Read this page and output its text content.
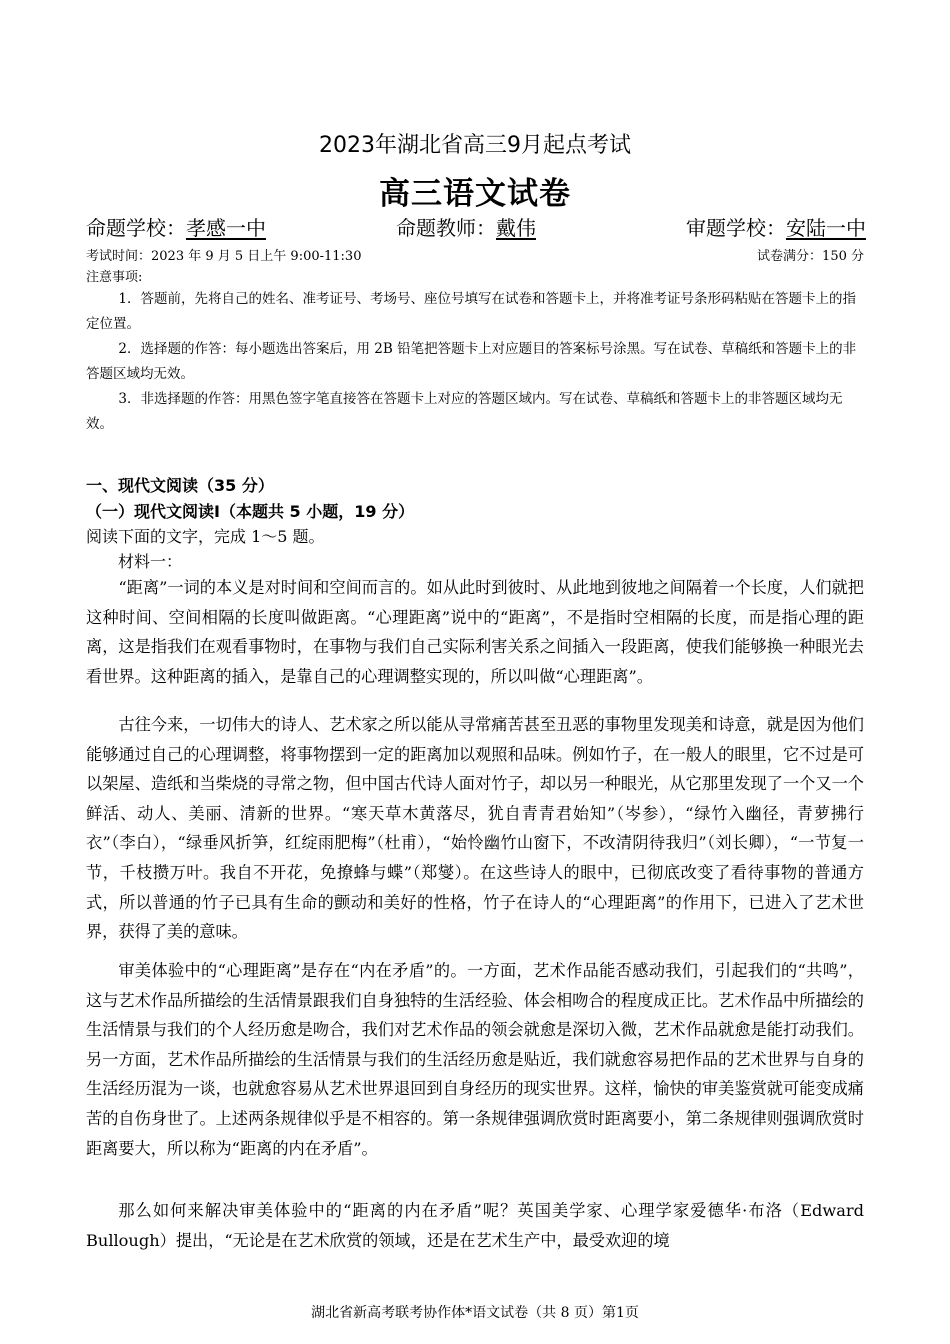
2023年湖北省高三9月起点考试
高三语文试卷
命题学校：孝感一中	命题教师：戴伟	审题学校：安陆一中
考试时间：2023 年 9 月 5 日上午 9:00-11:30	试卷满分：150 分
注意事项:
1．答题前，先将自己的姓名、准考证号、考场号、座位号填写在试卷和答题卡上，并将准考证号条形码粘贴在答题卡上的指定位置。
2．选择题的作答：每小题选出答案后，用 2B 铅笔把答题卡上对应题目的答案标号涂黑。写在试卷、草稿纸和答题卡上的非答题区域均无效。
3．非选择题的作答：用黑色签字笔直接答在答题卡上对应的答题区域内。写在试卷、草稿纸和答题卡上的非答题区域均无效。
一、现代文阅读（35 分）
（一）现代文阅读Ⅰ（本题共 5 小题，19 分）
阅读下面的文字，完成 1～5 题。
材料一：
“距离”一词的本义是对时间和空间而言的。如从此时到彼时、从此地到彼地之间隔着一个长度，人们就把这种时间、空间相隔的长度叫做距离。“心理距离”说中的“距离”，不是指时空相隔的长度，而是指心理的距离，这是指我们在观看事物时，在事物与我们自己实际利害关系之间插入一段距离，使我们能够换一种眼光去看世界。这种距离的插入，是靠自己的心理调整实现的，所以叫做“心理距离”。
古往今来，一切伟大的诗人、艺术家之所以能从寻常痛苦甚至丑恶的事物里发现美和诗意，就是因为他们能够通过自己的心理调整，将事物摆到一定的距离加以观照和品味。例如竹子，在一般人的眼里，它不过是可以架屋、造纸和当柴烧的寻常之物，但中国古代诗人面对竹子，却以另一种眼光，从它那里发现了一个又一个鲜活、动人、美丽、清新的世界。“寒天草木黄落尽，犹自青青君始知”（岑参），“绿竹入幽径，青萝拂行衣”（李白），“绿垂风折笋，红绽雨肥梅”（杜甫），“始怜幽竹山窗下，不改清阴待我归”（刘长卿），“一节复一节，千枝攒万叶。我自不开花，免撩蜂与蝶”（郑燮）。在这些诗人的眼中，已彻底改变了看待事物的普通方式，所以普通的竹子已具有生命的颤动和美好的性格，竹子在诗人的“心理距离”的作用下，已进入了艺术世界，获得了美的意味。
审美体验中的“心理距离”是存在“内在矛盾”的。一方面，艺术作品能否感动我们，引起我们的“共鸣”，这与艺术作品所描绘的生活情景跟我们自身独特的生活经验、体会相吻合的程度成正比。艺术作品中所描绘的生活情景与我们的个人经历愈是吻合，我们对艺术作品的领会就愈是深切入微，艺术作品就愈是能打动我们。另一方面，艺术作品所描绘的生活情景与我们的生活经历愈是贴近，我们就愈容易把作品的艺术世界与自身的生活经历混为一谈，也就愈容易从艺术世界退回到自身经历的现实世界。这样，愉快的审美鉴赏就可能变成痛苦的自伤身世了。上述两条规律似乎是不相容的。第一条规律强调欣赏时距离要小，第二条规律则强调欣赏时距离要大，所以称为“距离的内在矛盾”。
那么如何来解决审美体验中的“距离的内在矛盾”呢？英国美学家、心理学家爱德华·布洛（Edward Bullough）提出，“无论是在艺术欣赏的领域，还是在艺术生产中，最受欢迎的境
湖北省新高考联考协作体*语文试卷（共 8 页）第1页
